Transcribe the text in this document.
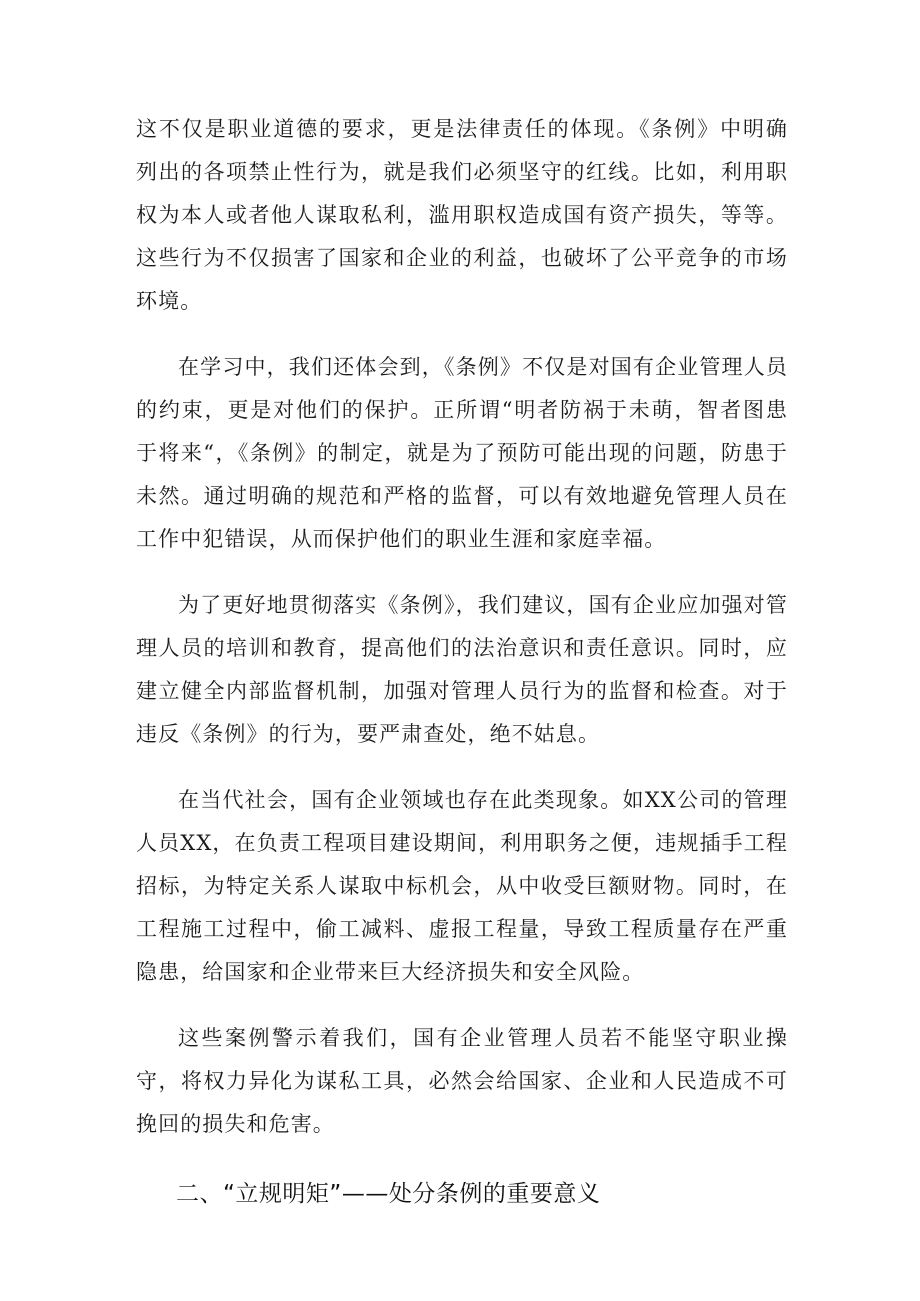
这不仅是职业道德的要求，更是法律责任的体现。《条例》中明确列出的各项禁止性行为，就是我们必须坚守的红线。比如，利用职权为本人或者他人谋取私利，滥用职权造成国有资产损失，等等。这些行为不仅损害了国家和企业的利益，也破坏了公平竞争的市场环境。

在学习中，我们还体会到，《条例》不仅是对国有企业管理人员的约束，更是对他们的保护。正所谓“明者防祸于未萌，智者图患于将来“，《条例》的制定，就是为了预防可能出现的问题，防患于未然。通过明确的规范和严格的监督，可以有效地避免管理人员在工作中犯错误，从而保护他们的职业生涯和家庭幸福。

为了更好地贯彻落实《条例》，我们建议，国有企业应加强对管理人员的培训和教育，提高他们的法治意识和责任意识。同时，应建立健全内部监督机制，加强对管理人员行为的监督和检查。对于违反《条例》的行为，要严肃查处，绝不姑息。

在当代社会，国有企业领域也存在此类现象。如XX公司的管理人员XX，在负责工程项目建设期间，利用职务之便，违规插手工程招标，为特定关系人谋取中标机会，从中收受巨额财物。同时，在工程施工过程中，偷工减料、虚报工程量，导致工程质量存在严重隐患，给国家和企业带来巨大经济损失和安全风险。

这些案例警示着我们，国有企业管理人员若不能坚守职业操守，将权力异化为谋私工具，必然会给国家、企业和人民造成不可挽回的损失和危害。

二、“立规明矩”——处分条例的重要意义
